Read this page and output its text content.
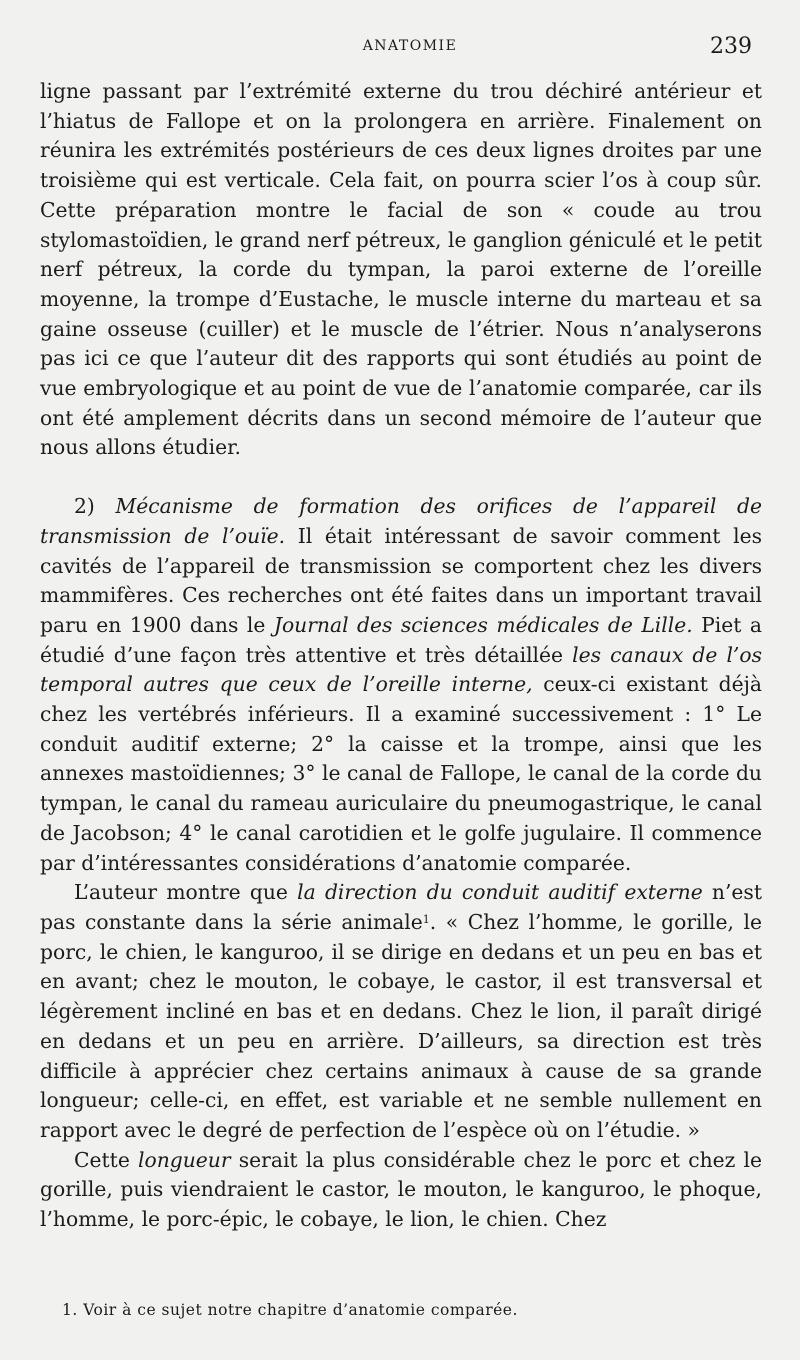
ANATOMIE	239

ligne passant par l’extrémité externe du trou déchiré antérieur et l’hiatus de Fallope et on la prolongera en arrière. Finalement on réunira les extrémités postérieurs de ces deux lignes droites par une troisième qui est verticale. Cela fait, on pourra scier l’os à coup sûr. Cette préparation montre le facial de son « coude au trou stylomastoïdien, le grand nerf pétreux, le ganglion géniculé et le petit nerf pétreux, la corde du tympan, la paroi externe de l’oreille moyenne, la trompe d’Eustache, le muscle interne du marteau et sa gaine osseuse (cuiller) et le muscle de l’étrier. Nous n’analyserons pas ici ce que l’auteur dit des rapports qui sont étudiés au point de vue embryologique et au point de vue de l’anatomie comparée, car ils ont été amplement décrits dans un second mémoire de l’auteur que nous allons étudier.

2) Mécanisme de formation des orifices de l’appareil de transmission de l’ouïe. Il était intéressant de savoir comment les cavités de l’appareil de transmission se comportent chez les divers mammifères. Ces recherches ont été faites dans un important travail paru en 1900 dans le Journal des sciences médicales de Lille. Piet a étudié d’une façon très attentive et très détaillée les canaux de l’os temporal autres que ceux de l’oreille interne, ceux-ci existant déjà chez les vertébrés inférieurs. Il a examiné successivement : 1° Le conduit auditif externe; 2° la caisse et la trompe, ainsi que les annexes mastoïdiennes; 3° le canal de Fallope, le canal de la corde du tympan, le canal du rameau auriculaire du pneumogastrique, le canal de Jacobson; 4° le canal carotidien et le golfe jugulaire. Il commence par d’intéressantes considérations d’anatomie comparée.

L’auteur montre que la direction du conduit auditif externe n’est pas constante dans la série animale$^1$. « Chez l’homme, le gorille, le porc, le chien, le kanguroo, il se dirige en dedans et un peu en bas et en avant; chez le mouton, le cobaye, le castor, il est transversal et légèrement incliné en bas et en dedans. Chez le lion, il paraît dirigé en dedans et un peu en arrière. D’ailleurs, sa direction est très difficile à apprécier chez certains animaux à cause de sa grande longueur; celle-ci, en effet, est variable et ne semble nullement en rapport avec le degré de perfection de l’espèce où on l’étudie. »

Cette longueur serait la plus considérable chez le porc et chez le gorille, puis viendraient le castor, le mouton, le kanguroo, le phoque, l’homme, le porc-épic, le cobaye, le lion, le chien. Chez

1. Voir à ce sujet notre chapitre d’anatomie comparée.
